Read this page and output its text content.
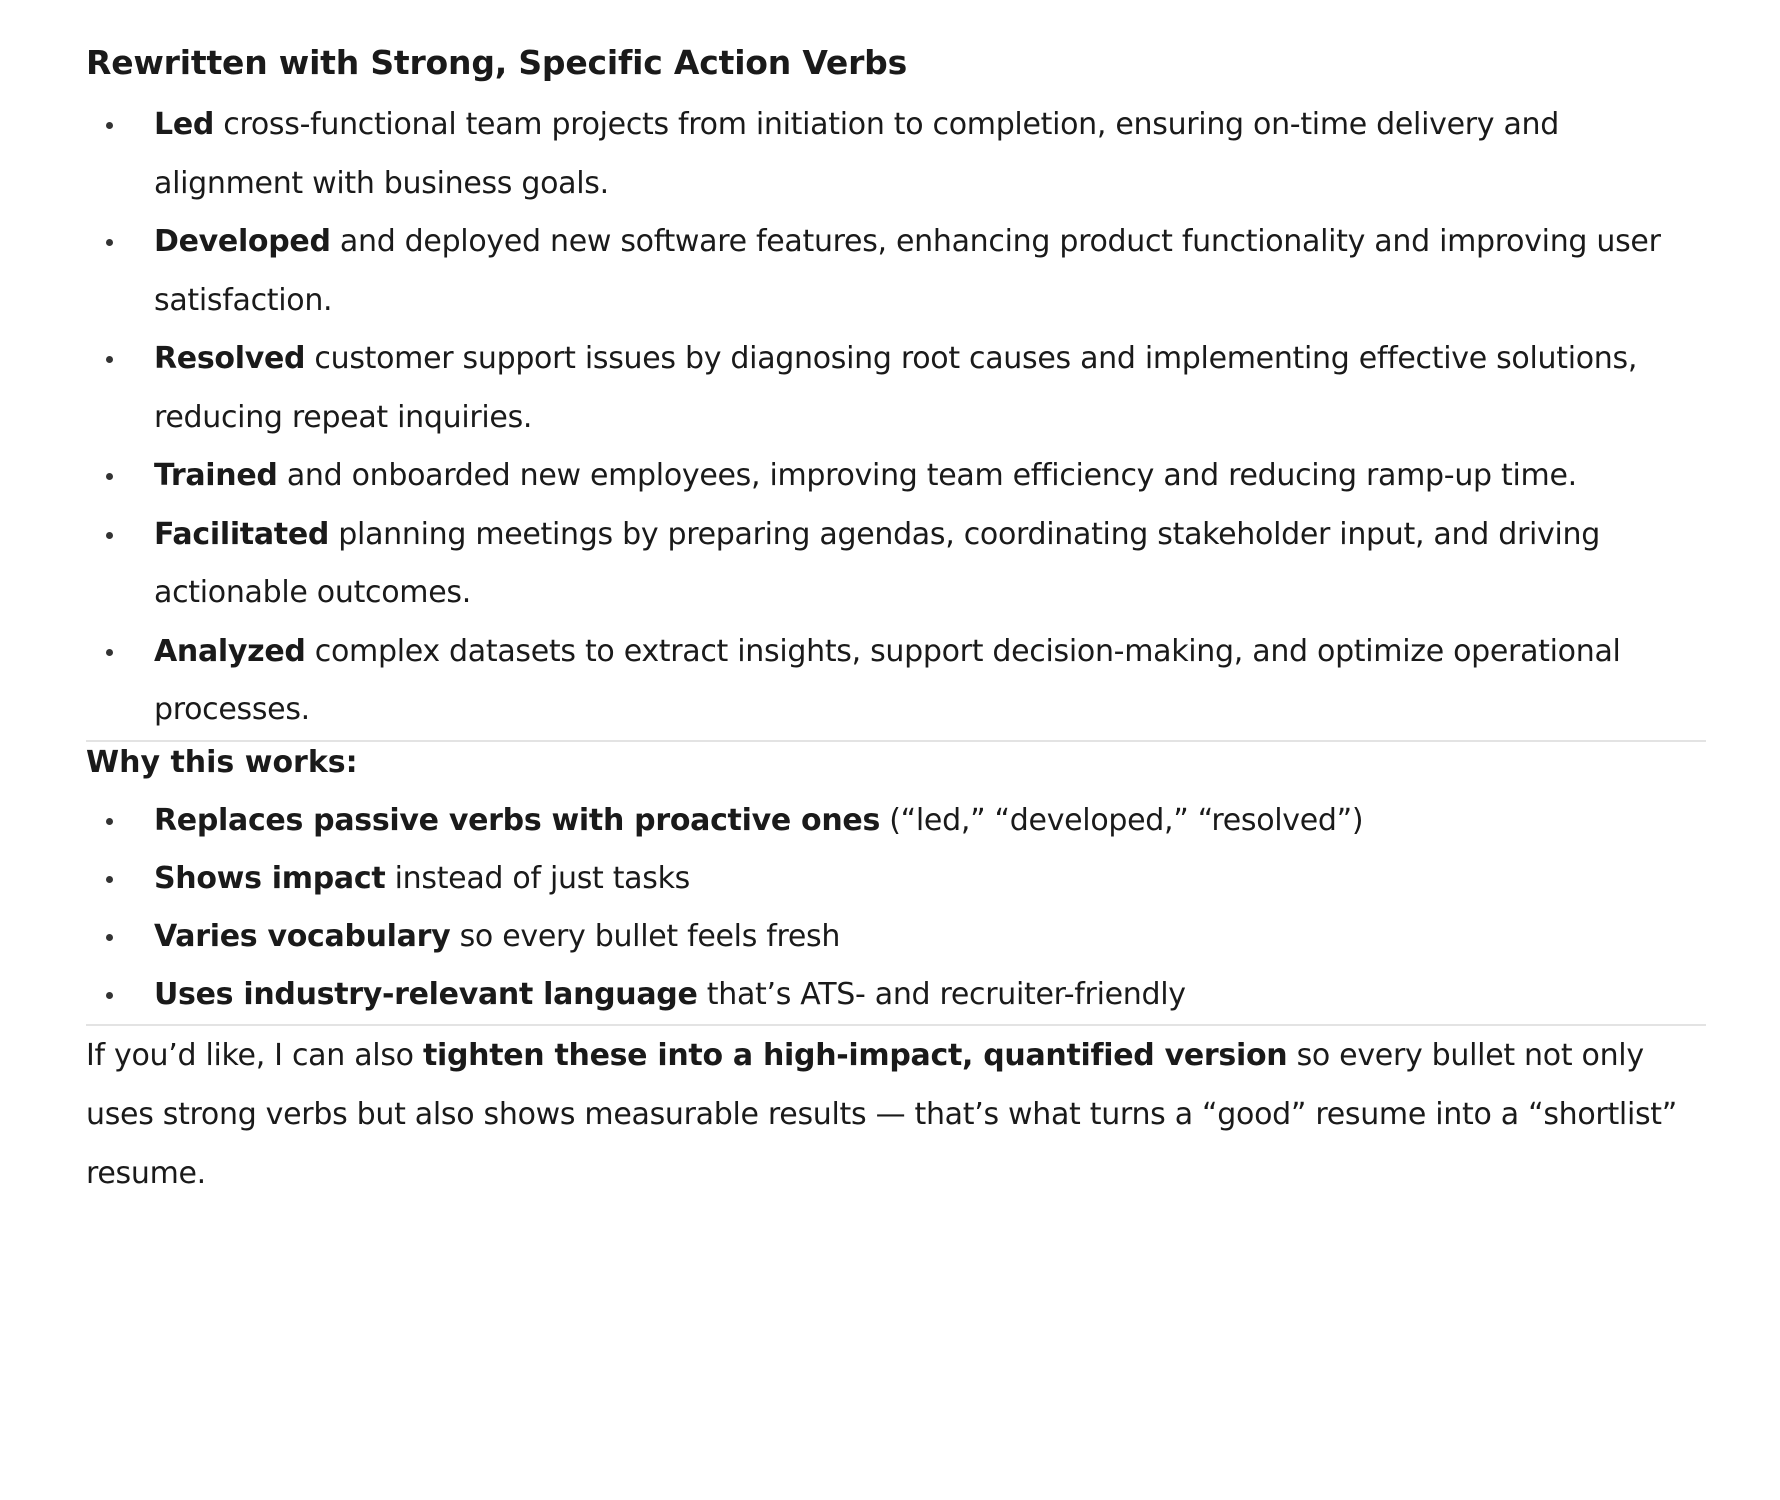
Rewritten with Strong, Specific Action Verbs
Led cross-functional team projects from initiation to completion, ensuring on-time delivery and alignment with business goals.
Developed and deployed new software features, enhancing product functionality and improving user satisfaction.
Resolved customer support issues by diagnosing root causes and implementing effective solutions, reducing repeat inquiries.
Trained and onboarded new employees, improving team efficiency and reducing ramp-up time.
Facilitated planning meetings by preparing agendas, coordinating stakeholder input, and driving actionable outcomes.
Analyzed complex datasets to extract insights, support decision-making, and optimize operational processes.
Why this works:
Replaces passive verbs with proactive ones (“led,” “developed,” “resolved”)
Shows impact instead of just tasks
Varies vocabulary so every bullet feels fresh
Uses industry-relevant language that’s ATS- and recruiter-friendly

If you’d like, I can also tighten these into a high-impact, quantified version so every bullet not only uses strong verbs but also shows measurable results — that’s what turns a “good” resume into a “shortlist” resume.
